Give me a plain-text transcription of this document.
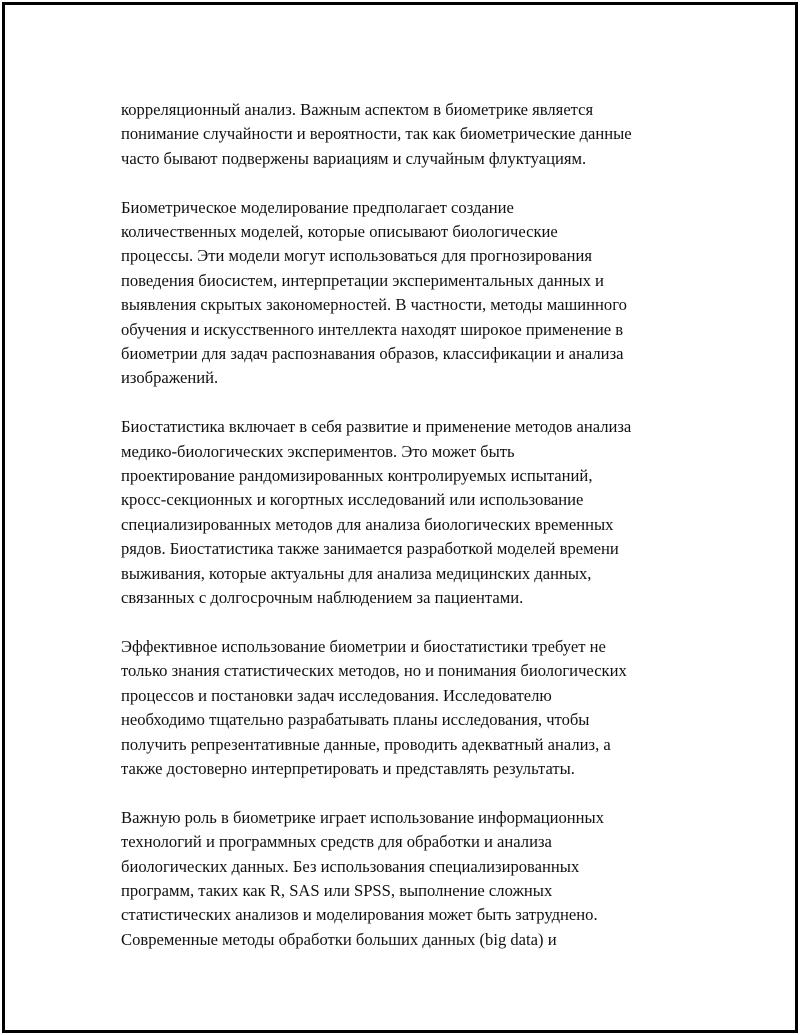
корреляционный анализ. Важным аспектом в биометрике является
понимание случайности и вероятности, так как биометрические данные
часто бывают подвержены вариациям и случайным флуктуациям.

Биометрическое моделирование предполагает создание
количественных моделей, которые описывают биологические
процессы. Эти модели могут использоваться для прогнозирования
поведения биосистем, интерпретации экспериментальных данных и
выявления скрытых закономерностей. В частности, методы машинного
обучения и искусственного интеллекта находят широкое применение в
биометрии для задач распознавания образов, классификации и анализа
изображений.

Биостатистика включает в себя развитие и применение методов анализа
медико-биологических экспериментов. Это может быть
проектирование рандомизированных контролируемых испытаний,
кросс-секционных и когортных исследований или использование
специализированных методов для анализа биологических временных
рядов. Биостатистика также занимается разработкой моделей времени
выживания, которые актуальны для анализа медицинских данных,
связанных с долгосрочным наблюдением за пациентами.

Эффективное использование биометрии и биостатистики требует не
только знания статистических методов, но и понимания биологических
процессов и постановки задач исследования. Исследователю
необходимо тщательно разрабатывать планы исследования, чтобы
получить репрезентативные данные, проводить адекватный анализ, а
также достоверно интерпретировать и представлять результаты.

Важную роль в биометрике играет использование информационных
технологий и программных средств для обработки и анализа
биологических данных. Без использования специализированных
программ, таких как R, SAS или SPSS, выполнение сложных
статистических анализов и моделирования может быть затруднено.
Современные методы обработки больших данных (big data) и
